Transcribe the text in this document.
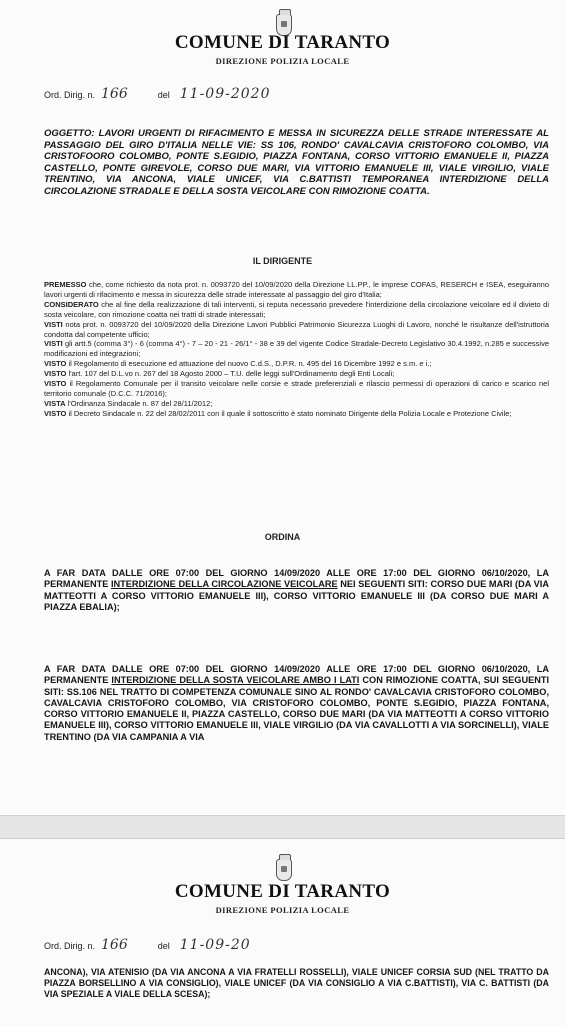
COMUNE DI TARANTO
DIREZIONE POLIZIA LOCALE
Ord. Dirig. n. 166	del 11-09-2020

OGGETTO: LAVORI URGENTI DI RIFACIMENTO E MESSA IN SICUREZZA DELLE STRADE INTERESSATE AL PASSAGGIO DEL GIRO D'ITALIA NELLE VIE: SS 106, RONDO' CAVALCAVIA CRISTOFORO COLOMBO, VIA CRISTOFOORO COLOMBO, PONTE S.EGIDIO, PIAZZA FONTANA, CORSO VITTORIO EMANUELE II, PIAZZA CASTELLO, PONTE GIREVOLE, CORSO DUE MARI, VIA VITTORIO EMANUELE III, VIALE VIRGILIO, VIALE TRENTINO, VIA ANCONA, VIALE UNICEF, VIA C.BATTISTI TEMPORANEA INTERDIZIONE DELLA CIRCOLAZIONE STRADALE E DELLA SOSTA VEICOLARE CON RIMOZIONE COATTA.

IL DIRIGENTE
PREMESSO che, come richiesto da nota prot. n. 0093720 del 10/09/2020 della Direzione LL.PP., le imprese COFAS, RESERCH e ISEA, eseguiranno lavori urgenti di rifacimento e messa in sicurezza delle strade interessate al passaggio del giro d'Italia;
CONSIDERATO che al fine della realizzazione di tali interventi, si reputa necessario prevedere l'interdizione della circolazione veicolare ed il divieto di sosta veicolare, con rimozione coatta nei tratti di strade interessati;
VISTI nota prot. n. 0093720 del 10/09/2020 della Direzione Lavori Pubblici Patrimonio Sicurezza Luoghi di Lavoro, nonché le risultanze dell'istruttoria condotta dal competente ufficio;
VISTI gli artt.5 (comma 3°) - 6 (comma 4°) - 7 – 20 - 21 - 26/1° - 38 e 39 del vigente Codice Stradale-Decreto Legislativo 30.4.1992, n.285 e successive modificazioni ed integrazioni;
VISTO il Regolamento di esecuzione ed attuazione del nuovo C.d.S., D.P.R. n. 495 del 16 Dicembre 1992 e s.m. e i.;
VISTO l'art. 107 del D.L.vo n. 267 del 18 Agosto 2000 – T.U. delle leggi sull'Ordinamento degli Enti Locali;
VISTO il Regolamento Comunale per il transito veicolare nelle corsie e strade preferenziali e rilascio permessi di operazioni di carico e scarico nel territorio comunale (D.C.C. 71/2016);
VISTA l'Ordinanza Sindacale n. 87 del 28/11/2012;
VISTO il Decreto Sindacale n. 22 del 28/02/2011 con il quale il sottoscritto è stato nominato Dirigente della Polizia Locale e Protezione Civile;
ORDINA

A FAR DATA DALLE ORE 07:00 DEL GIORNO 14/09/2020 ALLE ORE 17:00 DEL GIORNO 06/10/2020, LA PERMANENTE INTERDIZIONE DELLA CIRCOLAZIONE VEICOLARE NEI SEGUENTI SITI: CORSO DUE MARI (DA VIA MATTEOTTI A CORSO VITTORIO EMANUELE III), CORSO VITTORIO EMANUELE III (DA CORSO DUE MARI A PIAZZA EBALIA);

A FAR DATA DALLE ORE 07:00 DEL GIORNO 14/09/2020 ALLE ORE 17:00 DEL GIORNO 06/10/2020, LA PERMANENTE INTERDIZIONE DELLA SOSTA VEICOLARE AMBO I LATI CON RIMOZIONE COATTA, SUI SEGUENTI SITI: SS.106 NEL TRATTO DI COMPETENZA COMUNALE SINO AL RONDO' CAVALCAVIA CRISTOFORO COLOMBO, CAVALCAVIA CRISTOFORO COLOMBO, VIA CRISTOFORO COLOMBO, PONTE S.EGIDIO, PIAZZA FONTANA, CORSO VITTORIO EMANUELE II, PIAZZA CASTELLO, CORSO DUE MARI (DA VIA MATTEOTTI A CORSO VITTORIO EMANUELE III), CORSO VITTORIO EMANUELE III, VIALE VIRGILIO (DA VIA CAVALLOTTI A VIA SORCINELLI), VIALE TRENTINO (DA VIA CAMPANIA A VIA

COMUNE DI TARANTO
DIREZIONE POLIZIA LOCALE
Ord. Dirig. n. 166	del 11-09-20

ANCONA), VIA ATENISIO (DA VIA ANCONA A VIA FRATELLI ROSSELLI), VIALE UNICEF CORSIA SUD (NEL TRATTO DA PIAZZA BORSELLINO A VIA CONSIGLIO), VIALE UNICEF (DA VIA CONSIGLIO A VIA C.BATTISTI), VIA C. BATTISTI (DA VIA SPEZIALE A VIALE DELLA SCESA);
